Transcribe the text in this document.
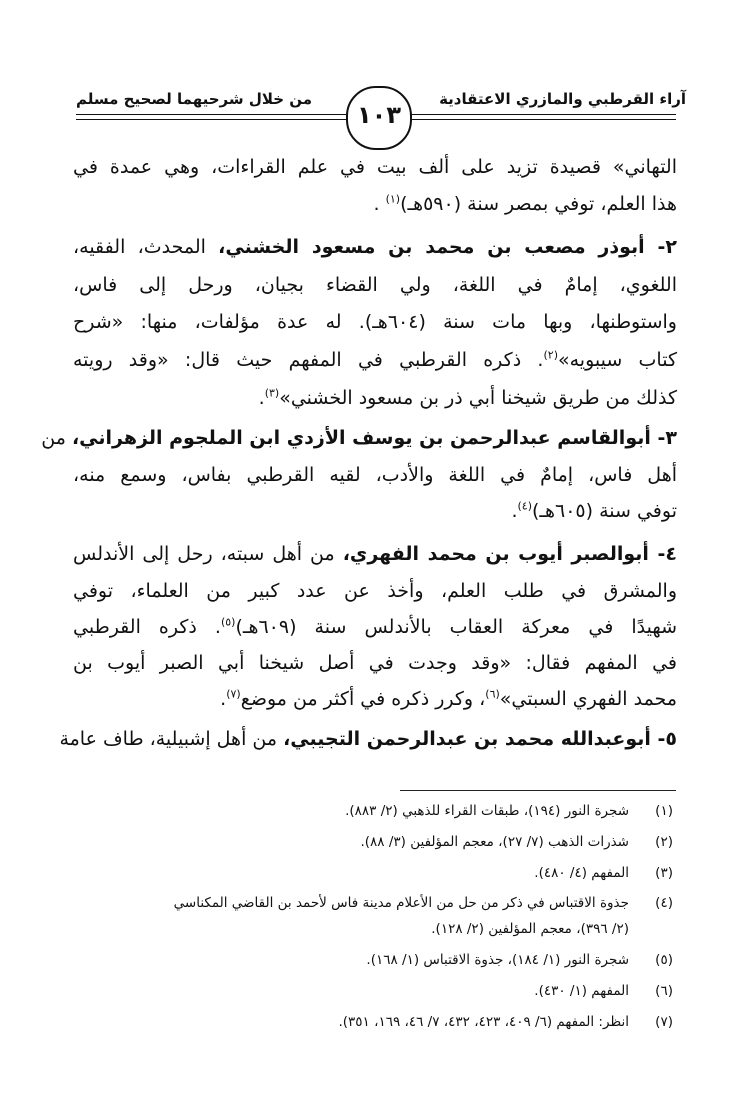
آراء القرطبي والمازري الاعتقادية
من خلال شرحيهما لصحيح مسلم
١٠٣
التهاني» قصيدة تزيد على ألف بيت في علم القراءات، وهي عمدة في
هذا العلم، توفي بمصر سنة (٥٩٠هـ)$^{(١)}$ .
٢- أبوذر مصعب بن محمد بن مسعود الخشني، المحدث، الفقيه،
اللغوي، إمامٌ في اللغة، ولي القضاء بجيان، ورحل إلى فاس،
واستوطنها، وبها مات سنة (٦٠٤هـ). له عدة مؤلفات، منها: «شرح
كتاب سيبويه»$^{(٢)}$. ذكره القرطبي في المفهم حيث قال: «وقد رويته
كذلك من طريق شيخنا أبي ذر بن مسعود الخشني»$^{(٣)}$.
٣- أبوالقاسم عبدالرحمن بن يوسف الأزدي ابن الملجوم الزهراني، من
أهل فاس، إمامٌ في اللغة والأدب، لقيه القرطبي بفاس، وسمع منه،
توفي سنة (٦٠٥هـ)$^{(٤)}$.
٤- أبوالصبر أيوب بن محمد الفهري، من أهل سبته، رحل إلى الأندلس
والمشرق في طلب العلم، وأخذ عن عدد كبير من العلماء، توفي
شهيدًا في معركة العقاب بالأندلس سنة (٦٠٩هـ)$^{(٥)}$. ذكره القرطبي
في المفهم فقال: «وقد وجدت في أصل شيخنا أبي الصبر أيوب بن
محمد الفهري السبتي»$^{(٦)}$، وكرر ذكره في أكثر من موضع$^{(٧)}$.
٥- أبوعبدالله محمد بن عبدالرحمن التجيبي، من أهل إشبيلية، طاف عامة
(١)شجرة النور (١٩٤)، طبقات القراء للذهبي (٢/ ٨٨٣).
(٢)شذرات الذهب (٧/ ٢٧)، معجم المؤلفين (٣/ ٨٨).
(٣)المفهم (٤/ ٤٨٠).
(٤)جذوة الاقتباس في ذكر من حل من الأعلام مدينة فاس لأحمد بن القاضي المكناسي
(٢/ ٣٩٦)، معجم المؤلفين (٢/ ١٢٨).
(٥)شجرة النور (١/ ١٨٤)، جذوة الاقتباس (١/ ١٦٨).
(٦)المفهم (١/ ٤٣٠).
(٧)انظر: المفهم (٦/ ٤٠٩، ٤٢٣، ٤٣٢، ٧/ ٤٦، ١٦٩، ٣٥١).
